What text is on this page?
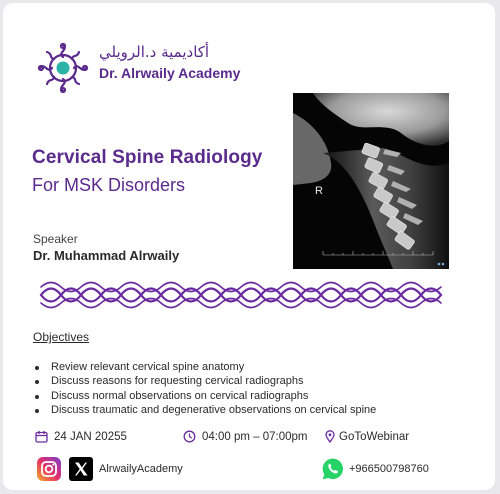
أكاديمية د.الرويلي
Dr. Alrwaily Academy
R
Cervical Spine Radiology
For MSK Disorders
Speaker
Dr. Muhammad Alrwaily
Objectives
Review relevant cervical spine anatomy
Discuss reasons for requesting cervical radiographs
Discuss normal observations on cervical radiographs
Discuss traumatic and degenerative observations on cervical spine
24 JAN 20255	04:00 pm – 07:00pm	GoToWebinar
AlrwailyAcademy	+966500798760
